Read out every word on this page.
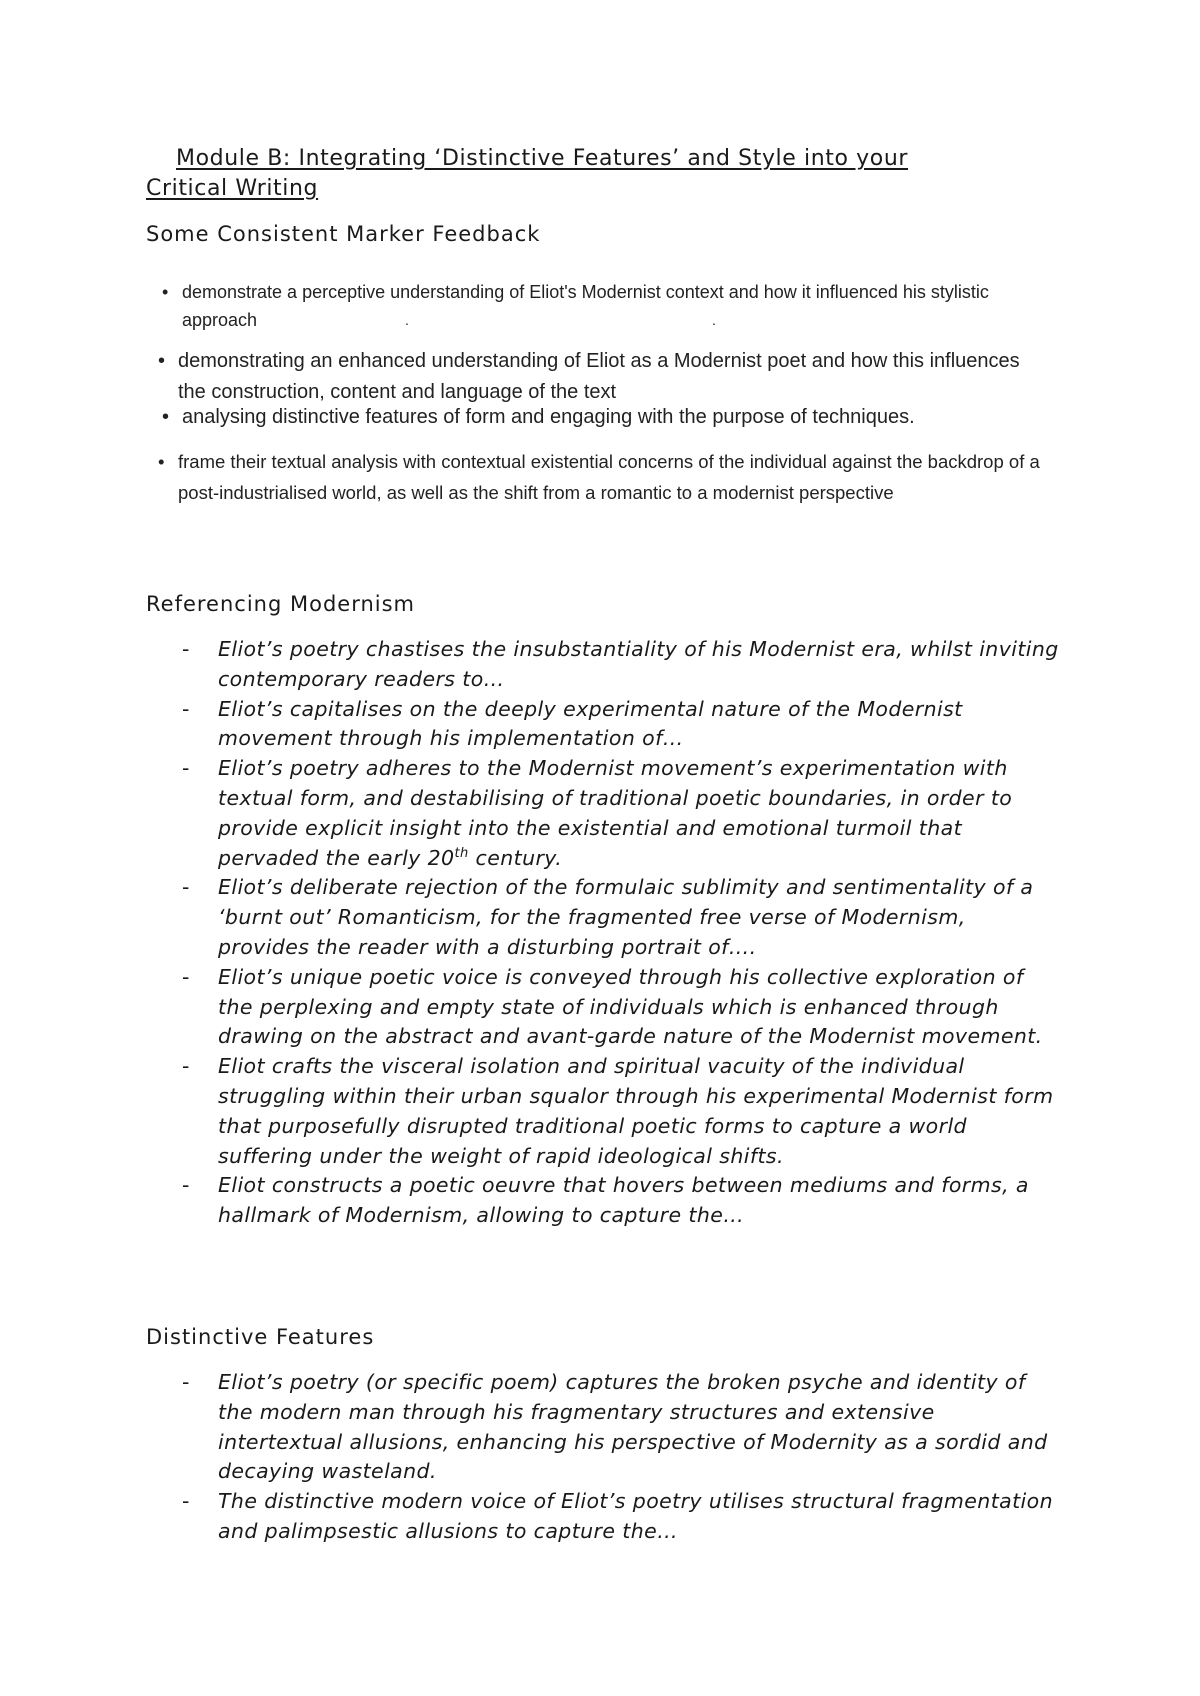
Module B: Integrating ‘Distinctive Features’ and Style into your
Critical Writing
Some Consistent Marker Feedback
• demonstrate a perceptive understanding of Eliot's Modernist context and how it influenced his stylistic approach	.	.
• demonstrating an enhanced understanding of Eliot as a Modernist poet and how this influences the construction, content and language of the text
• analysing distinctive features of form and engaging with the purpose of techniques.
• frame their textual analysis with contextual existential concerns of the individual against the backdrop of a post-industrialised world, as well as the shift from a romantic to a modernist perspective
Referencing Modernism
- Eliot’s poetry chastises the insubstantiality of his Modernist era, whilst inviting contemporary readers to…
- Eliot’s capitalises on the deeply experimental nature of the Modernist movement through his implementation of…
- Eliot’s poetry adheres to the Modernist movement’s experimentation with textual form, and destabilising of traditional poetic boundaries, in order to provide explicit insight into the existential and emotional turmoil that pervaded the early 20th century.
- Eliot’s deliberate rejection of the formulaic sublimity and sentimentality of a ‘burnt out’ Romanticism, for the fragmented free verse of Modernism, provides the reader with a disturbing portrait of….
- Eliot’s unique poetic voice is conveyed through his collective exploration of the perplexing and empty state of individuals which is enhanced through drawing on the abstract and avant-garde nature of the Modernist movement.
- Eliot crafts the visceral isolation and spiritual vacuity of the individual struggling within their urban squalor through his experimental Modernist form that purposefully disrupted traditional poetic forms to capture a world suffering under the weight of rapid ideological shifts.
- Eliot constructs a poetic oeuvre that hovers between mediums and forms, a hallmark of Modernism, allowing to capture the…
Distinctive Features
- Eliot’s poetry (or specific poem) captures the broken psyche and identity of the modern man through his fragmentary structures and extensive intertextual allusions, enhancing his perspective of Modernity as a sordid and decaying wasteland.
- The distinctive modern voice of Eliot’s poetry utilises structural fragmentation and palimpsestic allusions to capture the…
